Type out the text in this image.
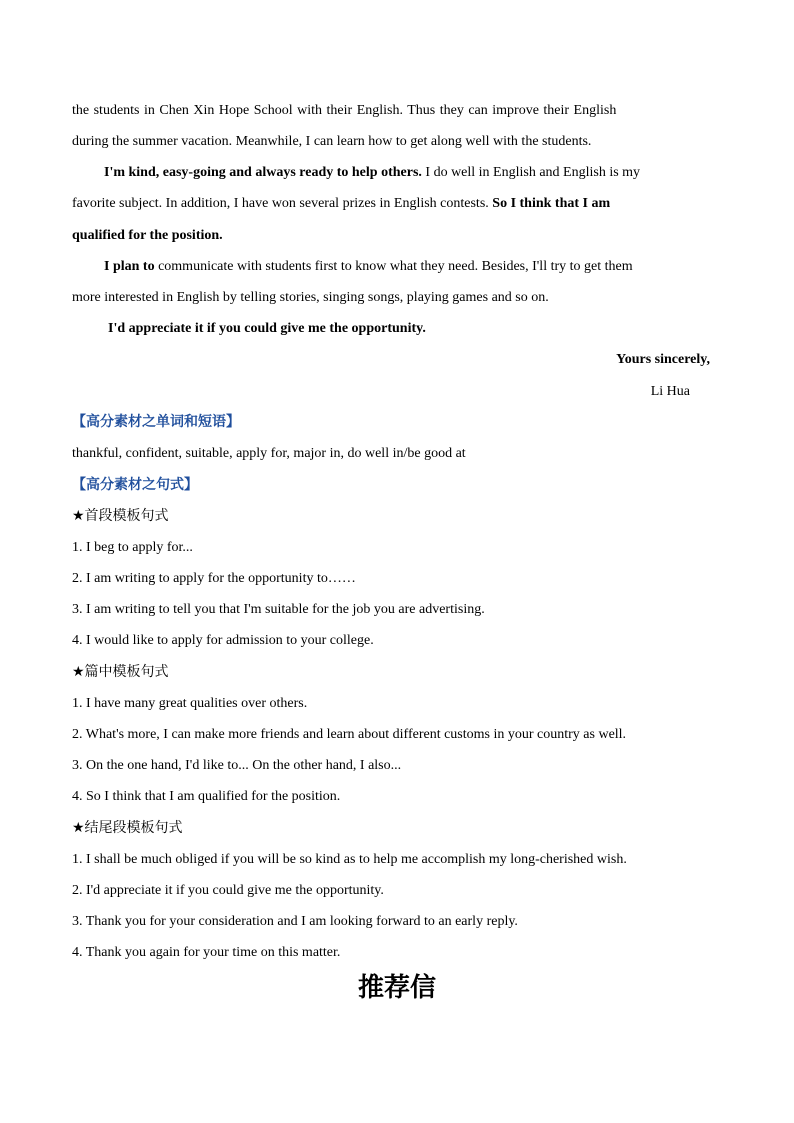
the students in Chen Xin Hope School with their English. Thus they can improve their English
during the summer vacation. Meanwhile, I can learn how to get along well with the students.
I'm kind, easy-going and always ready to help others. I do well in English and English is my
favorite subject. In addition, I have won several prizes in English contests. So I think that I am
qualified for the position.
I plan to communicate with students first to know what they need. Besides, I'll try to get them
more interested in English by telling stories, singing songs, playing games and so on.
I'd appreciate it if you could give me the opportunity.
Yours sincerely,
Li Hua
【高分素材之单词和短语】
thankful, confident, suitable, apply for, major in, do well in/be good at
【高分素材之句式】
★首段模板句式
1. I beg to apply for...
2. I am writing to apply for the opportunity to……
3. I am writing to tell you that I'm suitable for the job you are advertising.
4. I would like to apply for admission to your college.
★篇中模板句式
1. I have many great qualities over others.
2. What's more, I can make more friends and learn about different customs in your country as well.
3. On the one hand, I'd like to... On the other hand, I also...
4. So I think that I am qualified for the position.
★结尾段模板句式
1. I shall be much obliged if you will be so kind as to help me accomplish my long-cherished wish.
2. I'd appreciate it if you could give me the opportunity.
3. Thank you for your consideration and I am looking forward to an early reply.
4. Thank you again for your time on this matter.
推荐信
